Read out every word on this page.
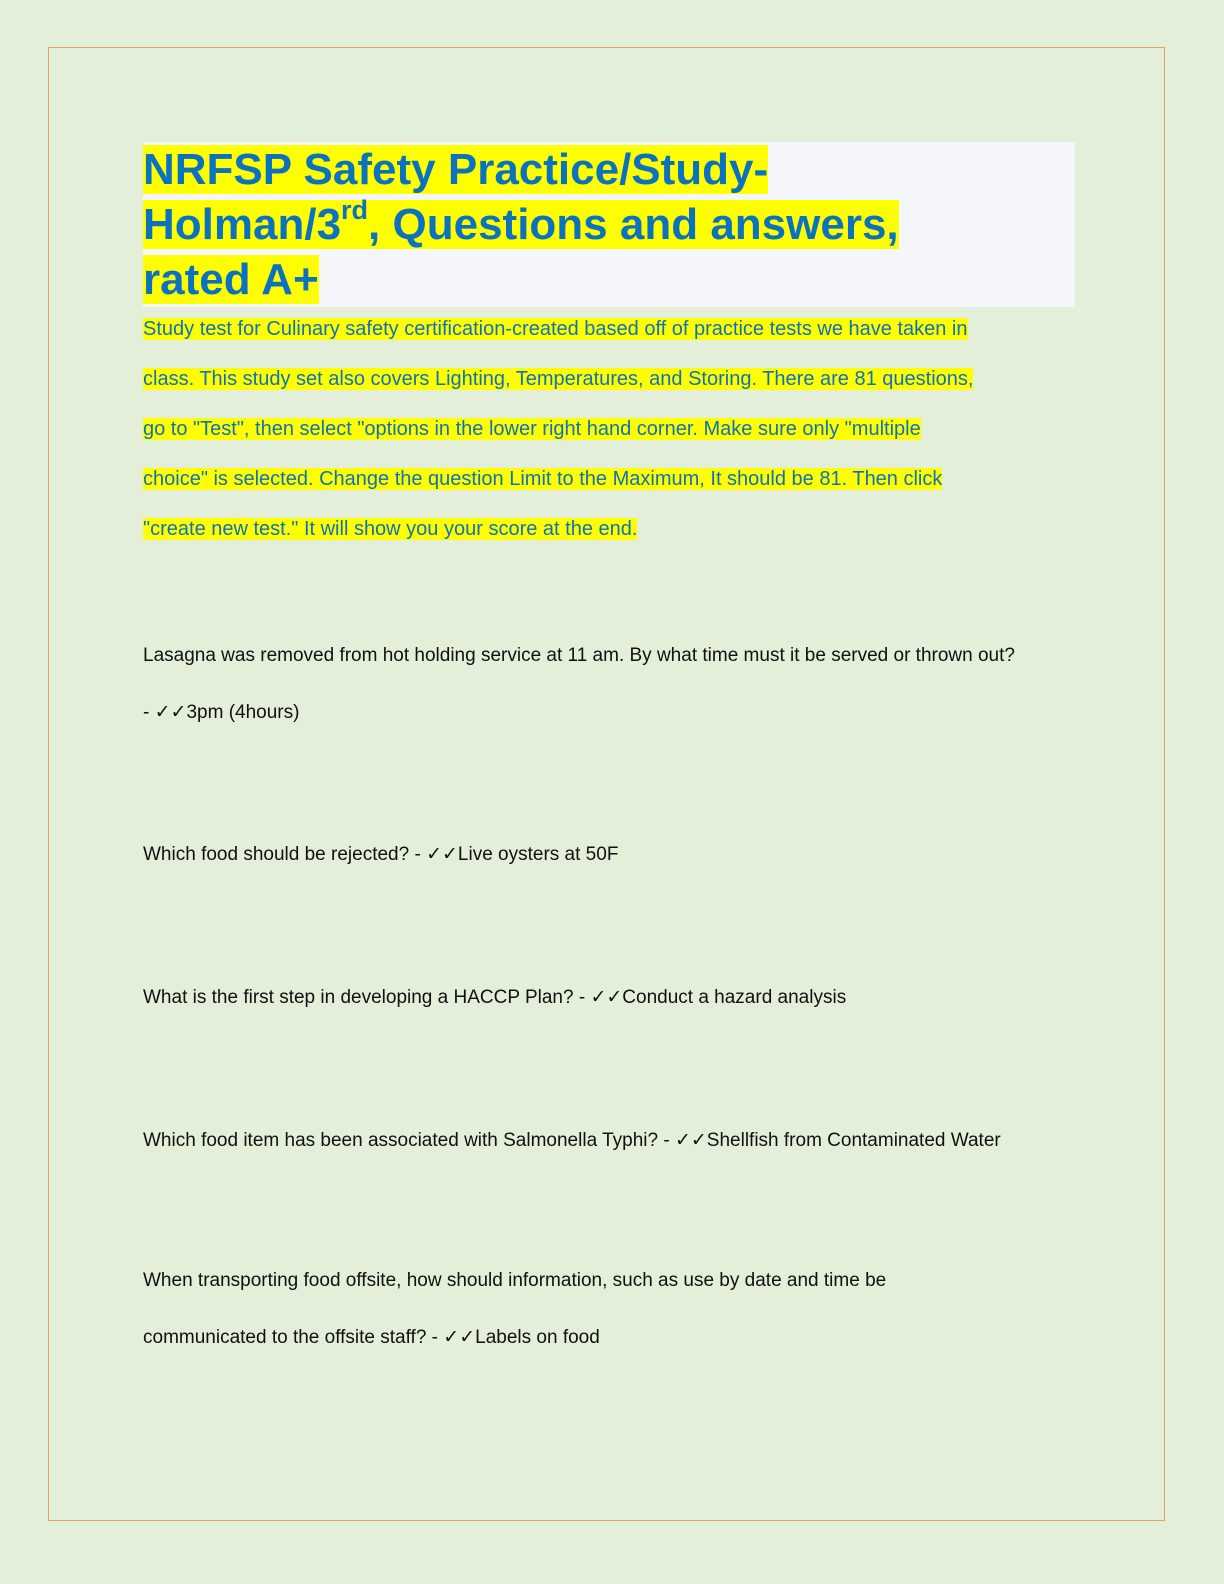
NRFSP Safety Practice/Study-
Holman/3rd, Questions and answers,
rated A+

Study test for Culinary safety certification-created based off of practice tests we have taken in
class. This study set also covers Lighting, Temperatures, and Storing. There are 81 questions,
go to "Test", then select "options in the lower right hand corner. Make sure only "multiple
choice" is selected. Change the question Limit to the Maximum, It should be 81. Then click
"create new test." It will show you your score at the end.

Lasagna was removed from hot holding service at 11 am. By what time must it be served or thrown out?
- ✓✓3pm (4hours)
Which food should be rejected? - ✓✓Live oysters at 50F
What is the first step in developing a HACCP Plan? - ✓✓Conduct a hazard analysis
Which food item has been associated with Salmonella Typhi? - ✓✓Shellfish from Contaminated Water
When transporting food offsite, how should information, such as use by date and time be
communicated to the offsite staff? - ✓✓Labels on food
